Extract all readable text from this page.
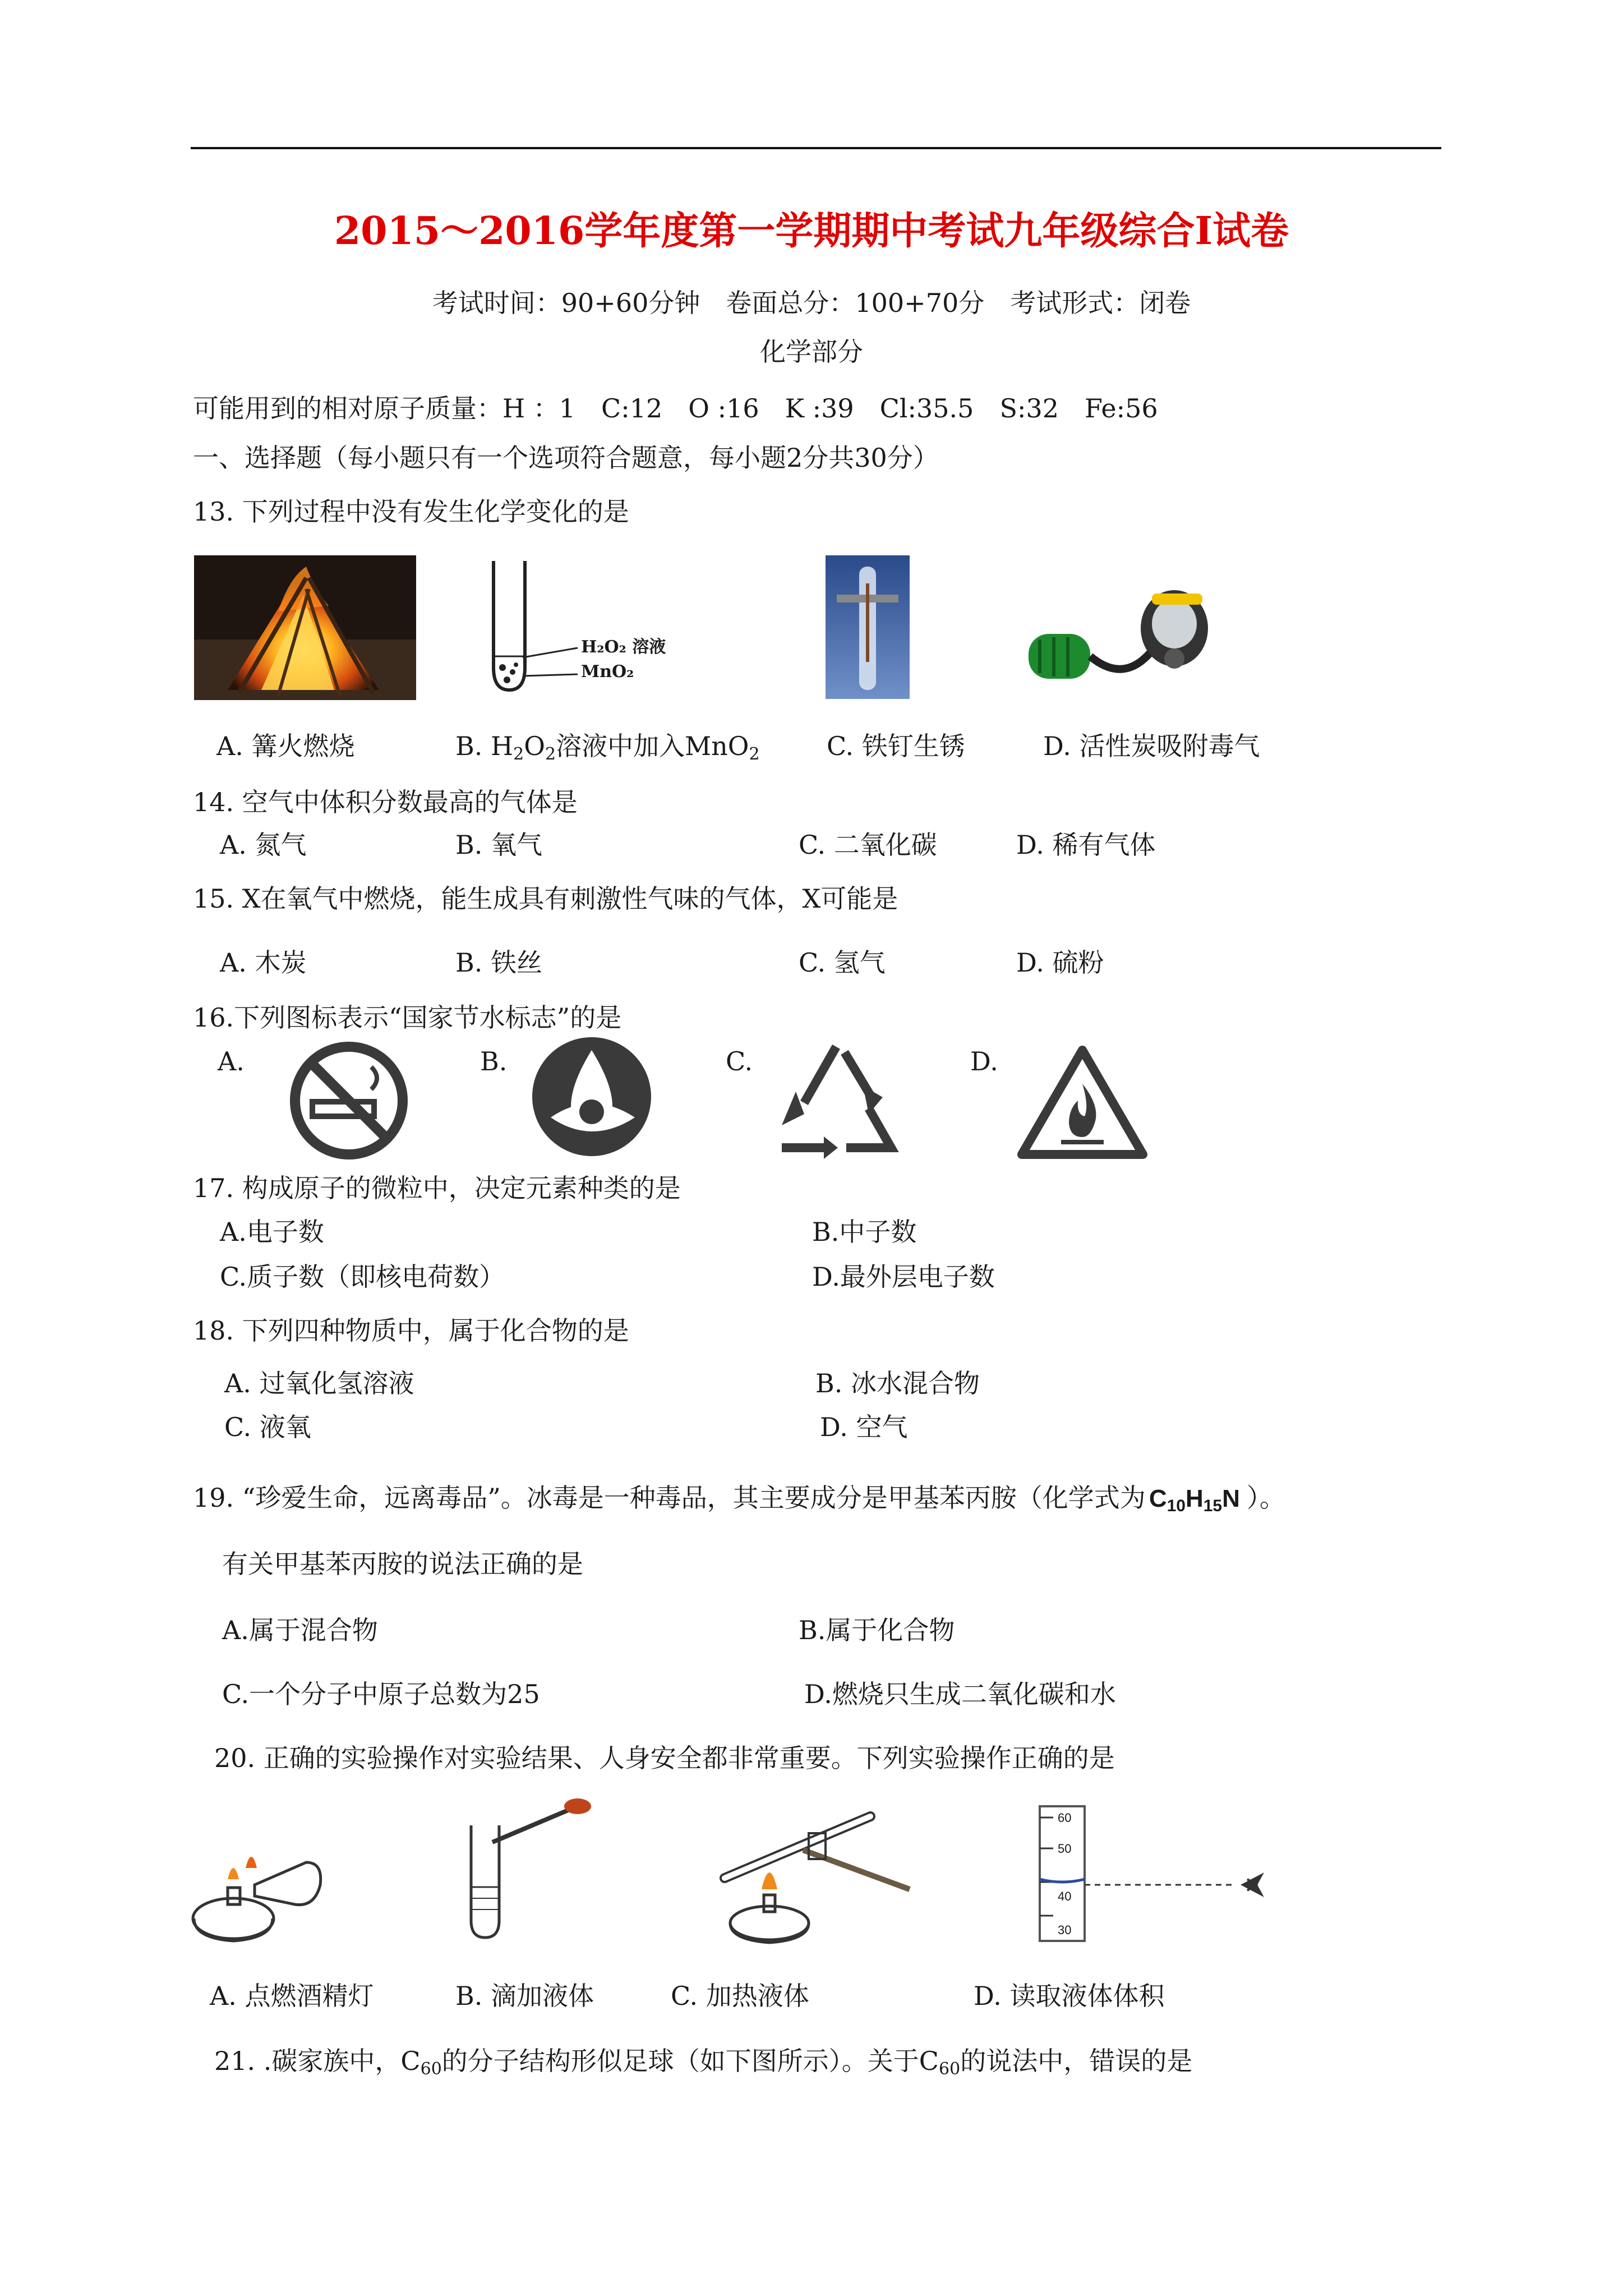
2015～2016学年度第一学期期中考试九年级综合Ⅰ试卷
考试时间：90+60分钟　卷面总分：100+70分　考试形式：闭卷
化学部分
可能用到的相对原子质量：H ：1　C:12　O :16　K :39　Cl:35.5　S:32　Fe:56
一、选择题（每小题只有一个选项符合题意，每小题2分共30分）
13. 下列过程中没有发生化学变化的是
H₂O₂ 溶液
MnO₂
A. 篝火燃烧	B. $H_2O_2$溶液中加入MnO$_2$	C. 铁钉生锈	D. 活性炭吸附毒气
14. 空气中体积分数最高的气体是
A. 氮气	B. 氧气	C. 二氧化碳	D. 稀有气体
15. X在氧气中燃烧，能生成具有刺激性气味的气体，X可能是
A. 木炭	B. 铁丝	C. 氢气	D. 硫粉
16.下列图标表示“国家节水标志”的是
A.	B.	C.	D.
17. 构成原子的微粒中，决定元素种类的是
A.电子数	B.中子数
C.质子数（即核电荷数）	D.最外层电子数
18. 下列四种物质中，属于化合物的是
A. 过氧化氢溶液	B. 冰水混合物
C. 液氧	D. 空气
19. “珍爱生命，远离毒品”。冰毒是一种毒品，其主要成分是甲基苯丙胺（化学式为 $C_{10}H_{15}N$ ）。
有关甲基苯丙胺的说法正确的是
A.属于混合物	B.属于化合物
C.一个分子中原子总数为25	D.燃烧只生成二氧化碳和水
20. 正确的实验操作对实验结果、人身安全都非常重要。下列实验操作正确的是
60
50
40
30
A. 点燃酒精灯	B. 滴加液体	C. 加热液体	D. 读取液体体积
21. .碳家族中，$C_{60}$的分子结构形似足球（如下图所示）。关于$C_{60}$的说法中，错误的是
